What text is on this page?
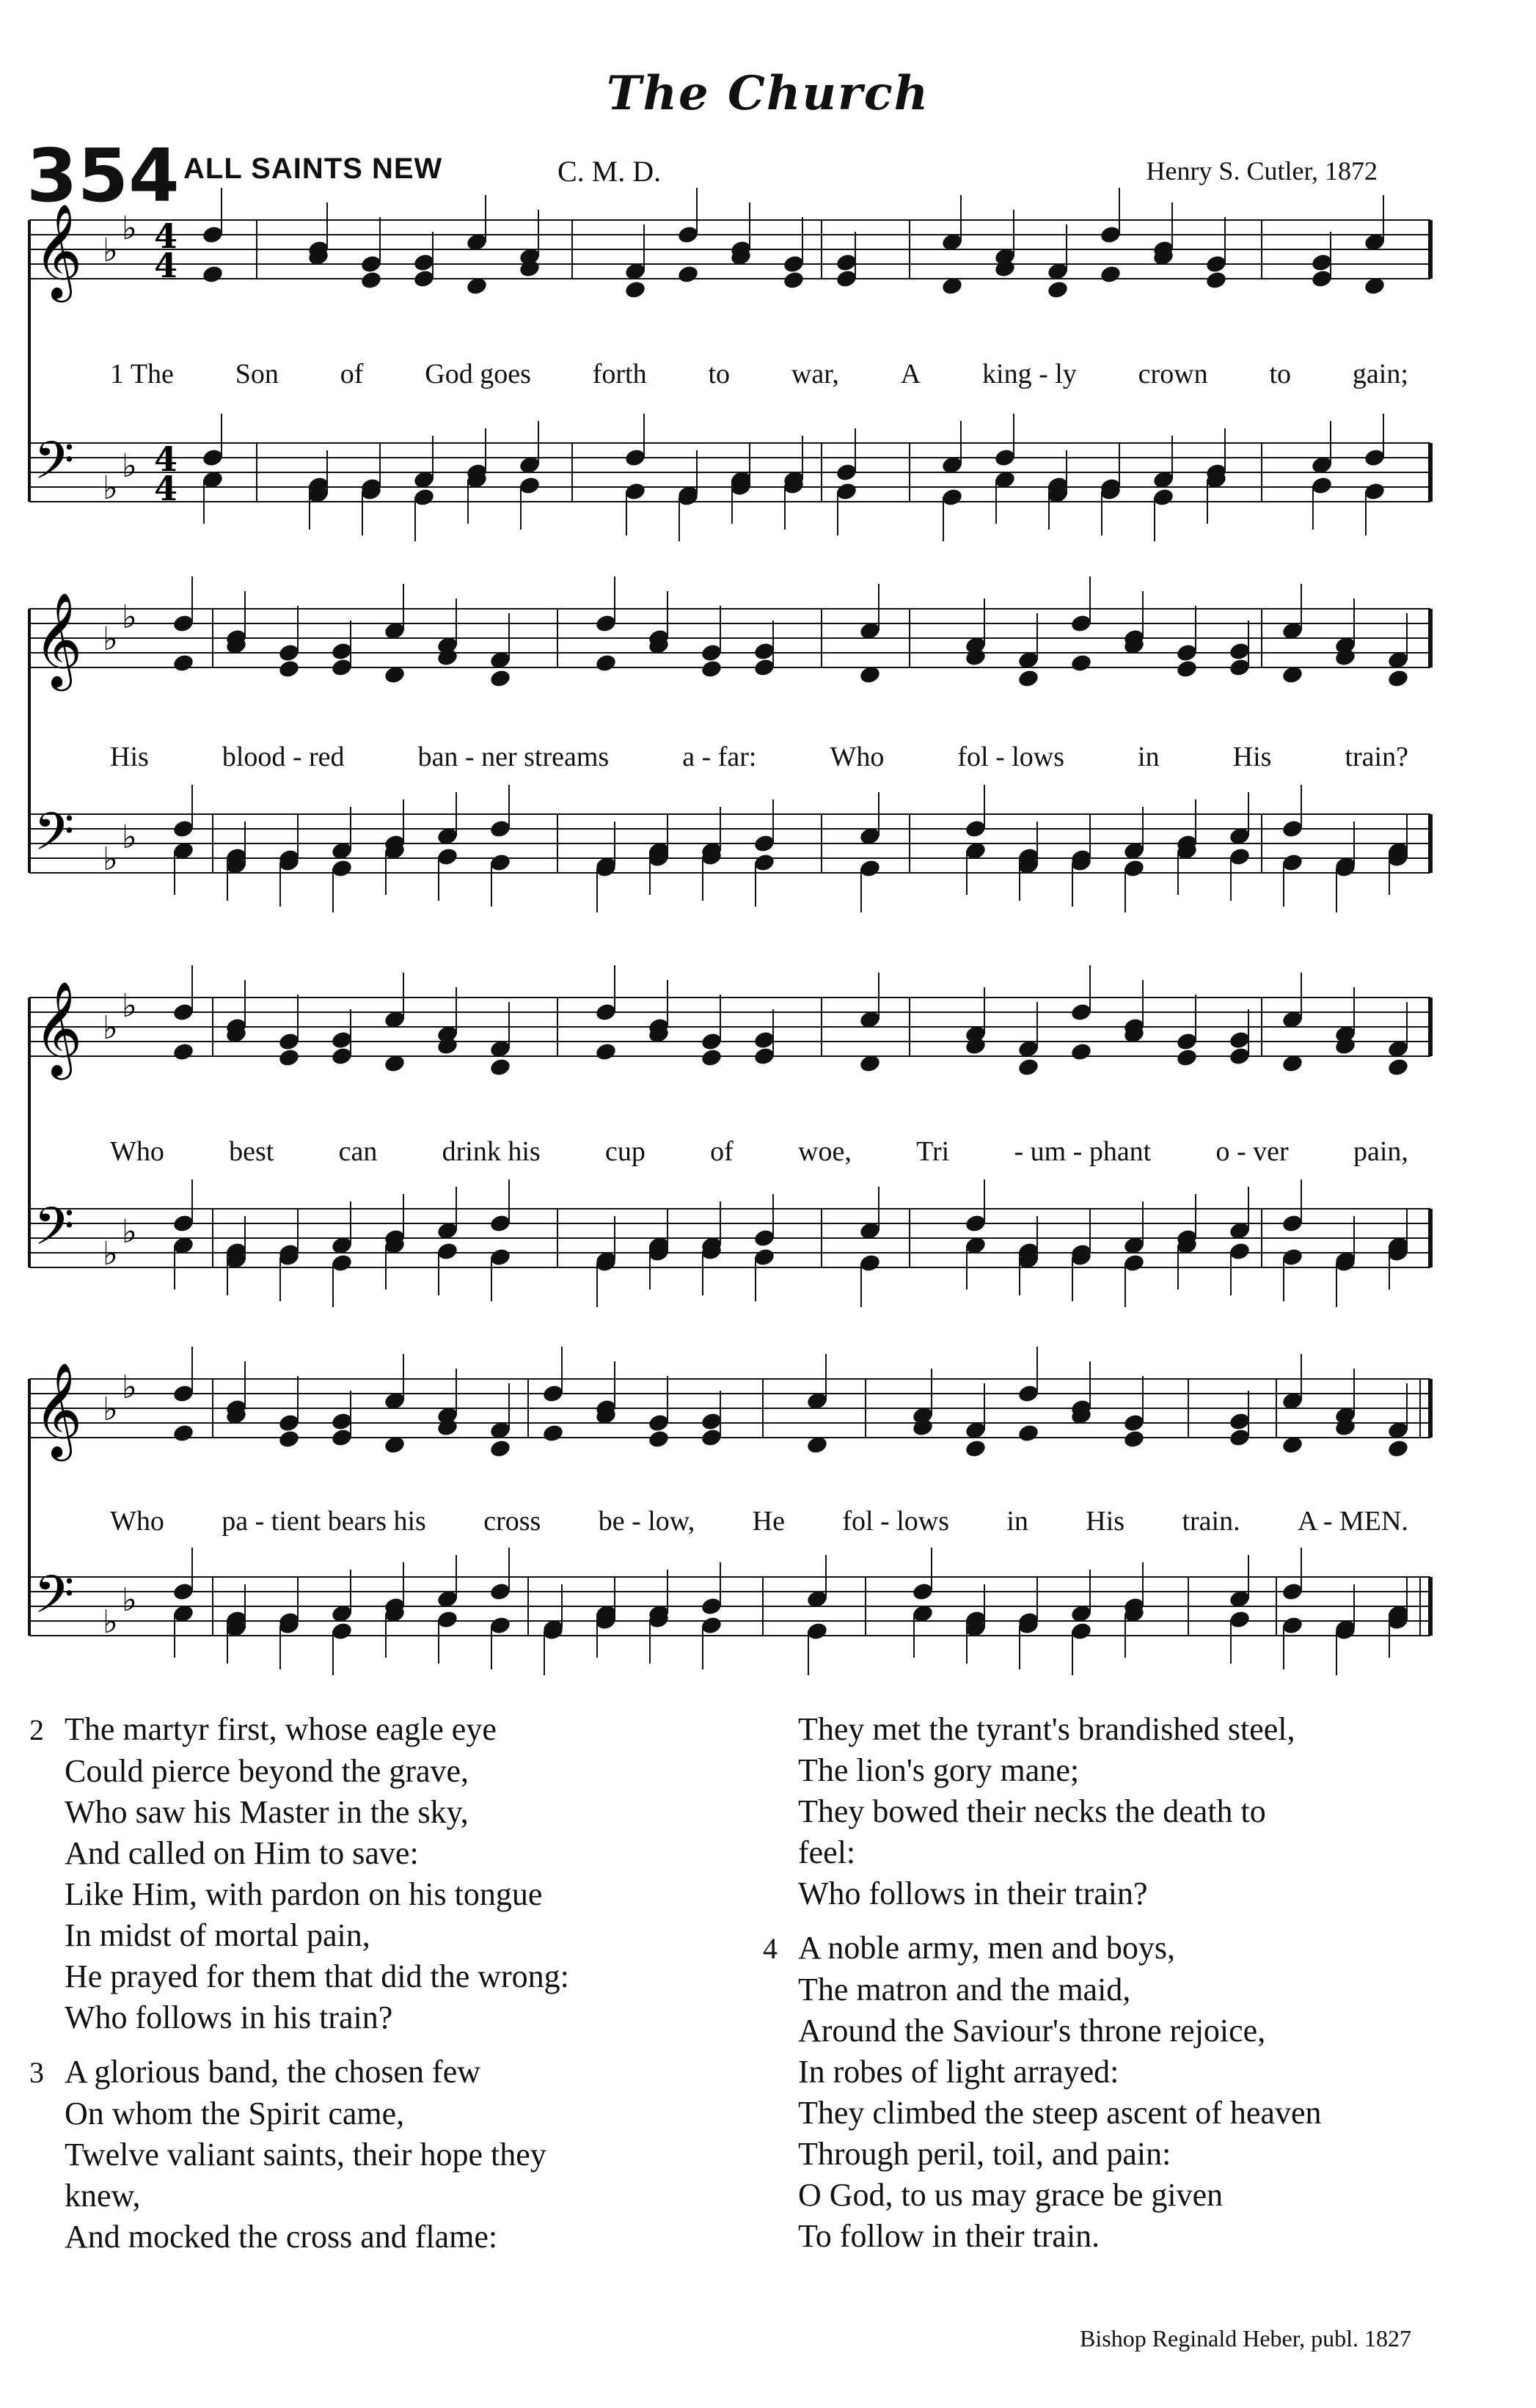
The Church
354 ALL SAINTS NEW	C. M. D.	Henry S. Cutler, 1872
𝄞 ♭
♭ 4
4
𝄢 ♭
♭ 4
4
𝄞 ♭
♭
𝄢 ♭
♭
𝄞 ♭
♭
𝄢 ♭
♭
𝄞 ♭
♭
𝄢 ♭
♭
1 The Son of God goes forth to war, A king - ly crown to gain;
His	blood - red	ban - ner streams	a - far:	Who	fol - lows	in	His	train?
Who best can drink his cup of woe, Tri - um - phant o - ver pain,
Who pa - tient bears his cross be - low, He fol - lows in His train. A - MEN.
2 The martyr first, whose eagle eye
Could pierce beyond the grave,
Who saw his Master in the sky,
And called on Him to save:
Like Him, with pardon on his tongue
In midst of mortal pain,
He prayed for them that did the wrong:
Who follows in his train?
3 A glorious band, the chosen few
On whom the Spirit came,
Twelve valiant saints, their hope they
knew,
And mocked the cross and flame:
They met the tyrant's brandished steel,
The lion's gory mane;
They bowed their necks the death to
feel:
Who follows in their train?
4 A noble army, men and boys,
The matron and the maid,
Around the Saviour's throne rejoice,
In robes of light arrayed:
They climbed the steep ascent of heaven
Through peril, toil, and pain:
O God, to us may grace be given
To follow in their train.
Bishop Reginald Heber, publ. 1827
